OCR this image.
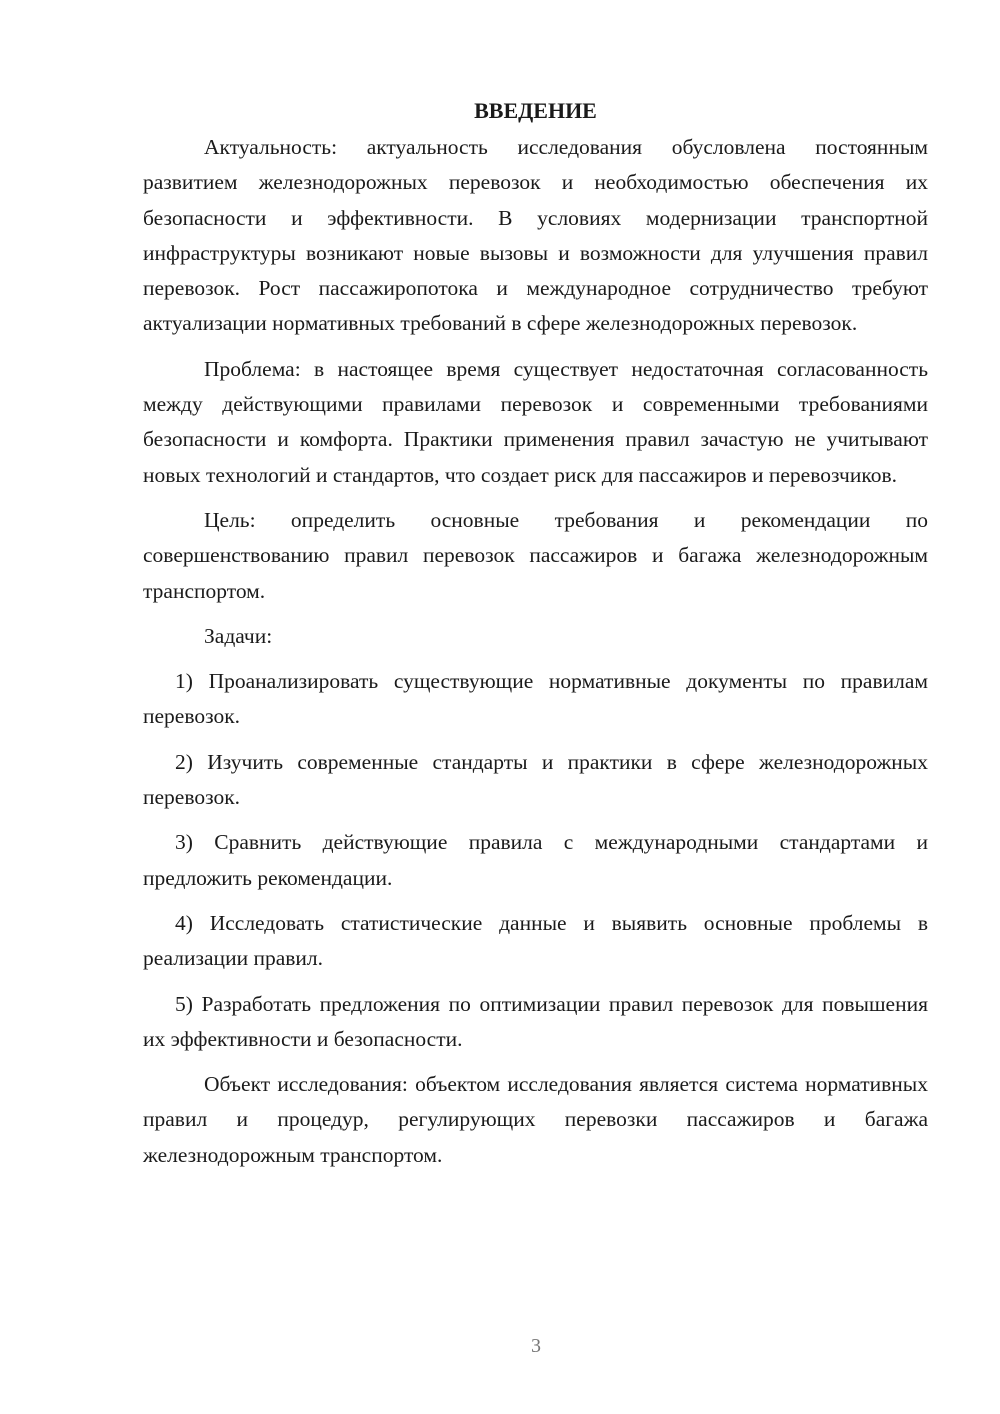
ВВЕДЕНИЕ

Актуальность: актуальность исследования обусловлена постоянным развитием железнодорожных перевозок и необходимостью обеспечения их безопасности и эффективности. В условиях модернизации транспортной инфраструктуры возникают новые вызовы и возможности для улучшения правил перевозок. Рост пассажиропотока и международное сотрудничество требуют актуализации нормативных требований в сфере железнодорожных перевозок.

Проблема: в настоящее время существует недостаточная согласованность между действующими правилами перевозок и современными требованиями безопасности и комфорта. Практики применения правил зачастую не учитывают новых технологий и стандартов, что создает риск для пассажиров и перевозчиков.

Цель: определить основные требования и рекомендации по совершенствованию правил перевозок пассажиров и багажа железнодорожным транспортом.

Задачи:

1) Проанализировать существующие нормативные документы по правилам перевозок.

2) Изучить современные стандарты и практики в сфере железнодорожных перевозок.

3) Сравнить действующие правила с международными стандартами и предложить рекомендации.

4) Исследовать статистические данные и выявить основные проблемы в реализации правил.

5) Разработать предложения по оптимизации правил перевозок для повышения их эффективности и безопасности.

Объект исследования: объектом исследования является система нормативных правил и процедур, регулирующих перевозки пассажиров и багажа железнодорожным транспортом.

3
